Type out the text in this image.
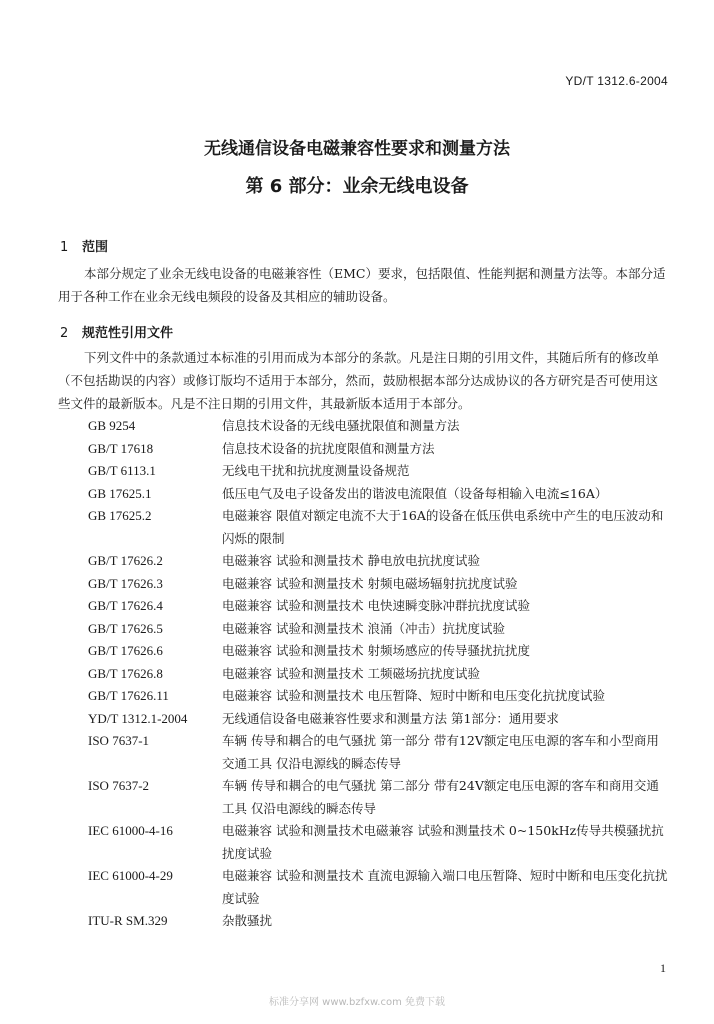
YD/T 1312.6-2004
无线通信设备电磁兼容性要求和测量方法
第 6 部分：业余无线电设备
1 范围

本部分规定了业余无线电设备的电磁兼容性（EMC）要求，包括限值、性能判据和测量方法等。本部分适用于各种工作在业余无线电频段的设备及其相应的辅助设备。

2 规范性引用文件

下列文件中的条款通过本标准的引用而成为本部分的条款。凡是注日期的引用文件，其随后所有的修改单（不包括勘误的内容）或修订版均不适用于本部分，然而，鼓励根据本部分达成协议的各方研究是否可使用这些文件的最新版本。凡是不注日期的引用文件，其最新版本适用于本部分。

GB 9254	信息技术设备的无线电骚扰限值和测量方法
GB/T 17618	信息技术设备的抗扰度限值和测量方法
GB/T 6113.1	无线电干扰和抗扰度测量设备规范
GB 17625.1	低压电气及电子设备发出的谐波电流限值（设备每相输入电流≤16A）
GB 17625.2	电磁兼容 限值对额定电流不大于16A的设备在低压供电系统中产生的电压波动和闪烁的限制
GB/T 17626.2	电磁兼容 试验和测量技术 静电放电抗扰度试验
GB/T 17626.3	电磁兼容 试验和测量技术 射频电磁场辐射抗扰度试验
GB/T 17626.4	电磁兼容 试验和测量技术 电快速瞬变脉冲群抗扰度试验
GB/T 17626.5	电磁兼容 试验和测量技术 浪涌（冲击）抗扰度试验
GB/T 17626.6	电磁兼容 试验和测量技术 射频场感应的传导骚扰抗扰度
GB/T 17626.8	电磁兼容 试验和测量技术 工频磁场抗扰度试验
GB/T 17626.11	电磁兼容 试验和测量技术 电压暂降、短时中断和电压变化抗扰度试验
YD/T 1312.1-2004	无线通信设备电磁兼容性要求和测量方法 第1部分：通用要求
ISO 7637-1	车辆 传导和耦合的电气骚扰 第一部分 带有12V额定电压电源的客车和小型商用交通工具 仅沿电源线的瞬态传导
ISO 7637-2	车辆 传导和耦合的电气骚扰 第二部分 带有24V额定电压电源的客车和商用交通工具 仅沿电源线的瞬态传导
IEC 61000-4-16	电磁兼容 试验和测量技术电磁兼容 试验和测量技术 0~150kHz传导共模骚扰抗扰度试验
IEC 61000-4-29	电磁兼容 试验和测量技术 直流电源输入端口电压暂降、短时中断和电压变化抗扰度试验
ITU-R SM.329	杂散骚扰
1
标准分享网 www.bzfxw.com 免费下载
